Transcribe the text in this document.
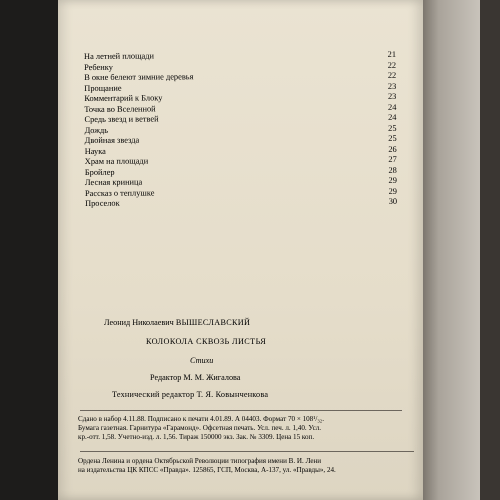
На летней площади	21
Ребенку	22
В окне белеют зимние деревья	22
Прощание	23
Комментарий к Блоку	23
Точка во Вселенной	24
Средь звезд и ветвей	24
Дождь	25
Двойная звезда	25
Наука	26
Храм на площади	27
Бройлер	28
Лесная криница	29
Рассказ о теплушке	29
Проселок	30
Леонид Николаевич ВЫШЕСЛАВСКИЙ
КОЛОКОЛА СКВОЗЬ ЛИСТЬЯ
Стихи
Редактор М. М. Жигалова
Технический редактор Т. Я. Ковынченкова
Сдано в набор 4.11.88. Подписано к печати 4.01.89. А 04403. Формат 70 × 108¹/₃₂.
Бумага газетная. Гарнитура «Гарамонд». Офсетная печать. Усл. печ. л. 1,40. Усл.
кр.-отт. 1,58. Учетно-изд. л. 1,56. Тираж 150000 экз. Зак. № 3309. Цена 15 коп.
Ордена Ленина и ордена Октябрьской Революции типография имени В. И. Лени
на издательства ЦК КПСС «Правда». 125865, ГСП, Москва, А-137, ул. «Правды», 24.
